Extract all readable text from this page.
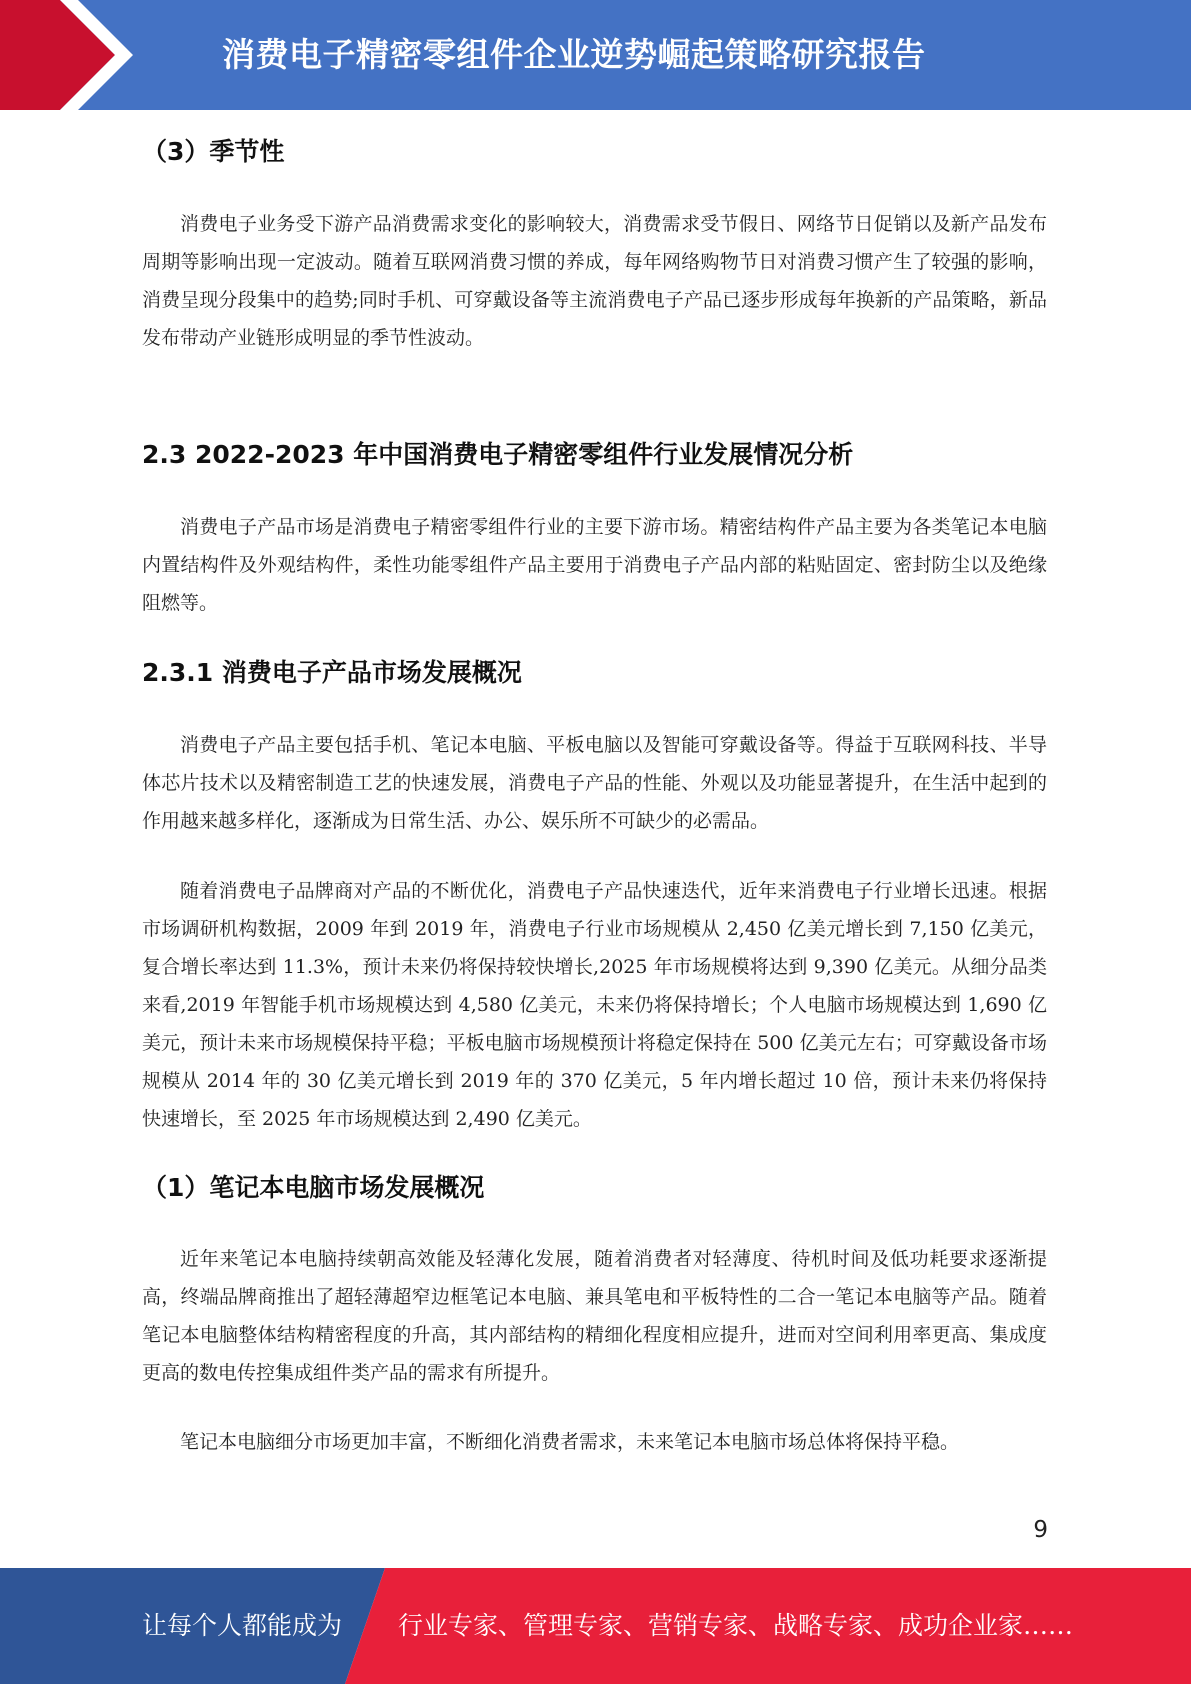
消费电子精密零组件企业逆势崛起策略研究报告
（3）季节性

消费电子业务受下游产品消费需求变化的影响较大，消费需求受节假日、网络节日促销以及新产品发布周期等影响出现一定波动。随着互联网消费习惯的养成，每年网络购物节日对消费习惯产生了较强的影响，消费呈现分段集中的趋势;同时手机、可穿戴设备等主流消费电子产品已逐步形成每年换新的产品策略，新品发布带动产业链形成明显的季节性波动。

2.3 2022-2023 年中国消费电子精密零组件行业发展情况分析

消费电子产品市场是消费电子精密零组件行业的主要下游市场。精密结构件产品主要为各类笔记本电脑内置结构件及外观结构件，柔性功能零组件产品主要用于消费电子产品内部的粘贴固定、密封防尘以及绝缘阻燃等。

2.3.1 消费电子产品市场发展概况

消费电子产品主要包括手机、笔记本电脑、平板电脑以及智能可穿戴设备等。得益于互联网科技、半导体芯片技术以及精密制造工艺的快速发展，消费电子产品的性能、外观以及功能显著提升，在生活中起到的作用越来越多样化，逐渐成为日常生活、办公、娱乐所不可缺少的必需品。

随着消费电子品牌商对产品的不断优化，消费电子产品快速迭代，近年来消费电子行业增长迅速。根据市场调研机构数据，2009 年到 2019 年，消费电子行业市场规模从 2,450 亿美元增长到 7,150 亿美元，复合增长率达到 11.3%，预计未来仍将保持较快增长,2025 年市场规模将达到 9,390 亿美元。从细分品类来看,2019 年智能手机市场规模达到 4,580 亿美元，未来仍将保持增长；个人电脑市场规模达到 1,690 亿美元，预计未来市场规模保持平稳；平板电脑市场规模预计将稳定保持在 500 亿美元左右；可穿戴设备市场规模从 2014 年的 30 亿美元增长到 2019 年的 370 亿美元，5 年内增长超过 10 倍，预计未来仍将保持快速增长，至 2025 年市场规模达到 2,490 亿美元。

（1）笔记本电脑市场发展概况

近年来笔记本电脑持续朝高效能及轻薄化发展，随着消费者对轻薄度、待机时间及低功耗要求逐渐提高，终端品牌商推出了超轻薄超窄边框笔记本电脑、兼具笔电和平板特性的二合一笔记本电脑等产品。随着笔记本电脑整体结构精密程度的升高，其内部结构的精细化程度相应提升，进而对空间利用率更高、集成度更高的数电传控集成组件类产品的需求有所提升。

笔记本电脑细分市场更加丰富，不断细化消费者需求，未来笔记本电脑市场总体将保持平稳。

9
让每个人都能成为 行业专家、管理专家、营销专家、战略专家、成功企业家……
